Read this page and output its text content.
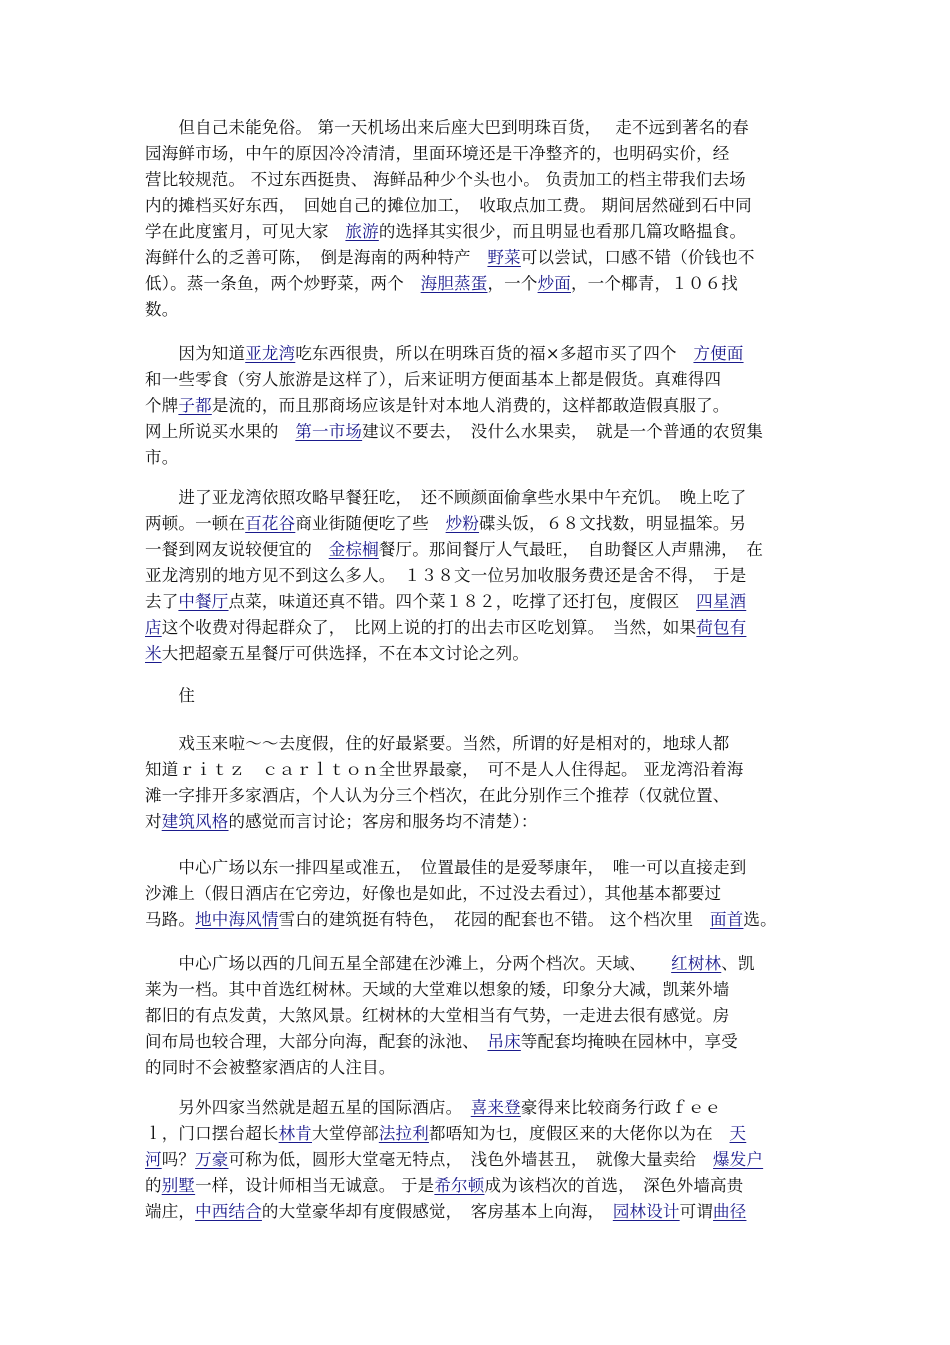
　　但自己未能免俗。 第一天机场出来后座大巴到明珠百货，　 走不远到著名的春
园海鲜市场，中午的原因冷冷清清，里面环境还是干净整齐的，也明码实价，经
营比较规范。 不过东西挺贵、 海鲜品种少个头也小。 负责加工的档主带我们去场
内的摊档买好东西，　回她自己的摊位加工，　收取点加工费。 期间居然碰到石中同
学在此度蜜月，可见大家　旅游的选择其实很少，而且明显也看那几篇攻略揾食。
海鲜什么的乏善可陈，　倒是海南的两种特产　野菜可以尝试，口感不错（价钱也不
低）。蒸一条鱼，两个炒野菜，两个　海胆蒸蛋，一个炒面，一个椰青，１０６找
数。
　　因为知道亚龙湾吃东西很贵，所以在明珠百货的福×多超市买了四个　方便面
和一些零食（穷人旅游是这样了），后来证明方便面基本上都是假货。真难得四
个牌子都是流的，而且那商场应该是针对本地人消费的，这样都敢造假真服了。
网上所说买水果的　第一市场建议不要去，　没什么水果卖，　就是一个普通的农贸集
市。
　　进了亚龙湾依照攻略早餐狂吃，　还不顾颜面偷拿些水果中午充饥。　晚上吃了
两顿。一顿在百花谷商业街随便吃了些　炒粉碟头饭，６８文找数，明显揾笨。另
一餐到网友说较便宜的　金棕榈餐厅。那间餐厅人气最旺，　自助餐区人声鼎沸，　在
亚龙湾别的地方见不到这么多人。　１３８文一位另加收服务费还是舍不得，　于是
去了中餐厅点菜，味道还真不错。四个菜１８２，吃撑了还打包，度假区　四星酒
店这个收费对得起群众了，　比网上说的打的出去市区吃划算。　当然，如果荷包有
米大把超豪五星餐厅可供选择，不在本文讨论之列。
　　住
　　戏玉来啦～～去度假，住的好最紧要。当然，所谓的好是相对的，地球人都
知道ｒｉｔｚ　ｃａｒｌｔｏｎ全世界最豪，　可不是人人住得起。 亚龙湾沿着海
滩一字排开多家酒店，个人认为分三个档次，在此分别作三个推荐（仅就位置、
对建筑风格的感觉而言讨论；客房和服务均不清楚）：
　　中心广场以东一排四星或准五，　位置最佳的是爱琴康年，　唯一可以直接走到
沙滩上（假日酒店在它旁边，好像也是如此，不过没去看过），其他基本都要过
马路。地中海风情雪白的建筑挺有特色，　花园的配套也不错。 这个档次里　面首选。
　　中心广场以西的几间五星全部建在沙滩上，分两个档次。天域、　　红树林、凯
莱为一档。其中首选红树林。天域的大堂难以想象的矮，印象分大减，凯莱外墙
都旧的有点发黄，大煞风景。红树林的大堂相当有气势，一走进去很有感觉。房
间布局也较合理，大部分向海，配套的泳池、　吊床等配套均掩映在园林中，享受
的同时不会被整家酒店的人注目。
　　另外四家当然就是超五星的国际酒店。　喜来登豪得来比较商务行政ｆｅｅ
ｌ，门口摆台超长林肯大堂停部法拉利都唔知为乜，度假区来的大佬你以为在　天
河吗？万豪可称为低，圆形大堂毫无特点，　浅色外墙甚丑，　就像大量卖给　爆发户
的别墅一样，设计师相当无诚意。 于是希尔顿成为该档次的首选，　深色外墙高贵
端庄，中西结合的大堂豪华却有度假感觉，　客房基本上向海，　园林设计可谓曲径
